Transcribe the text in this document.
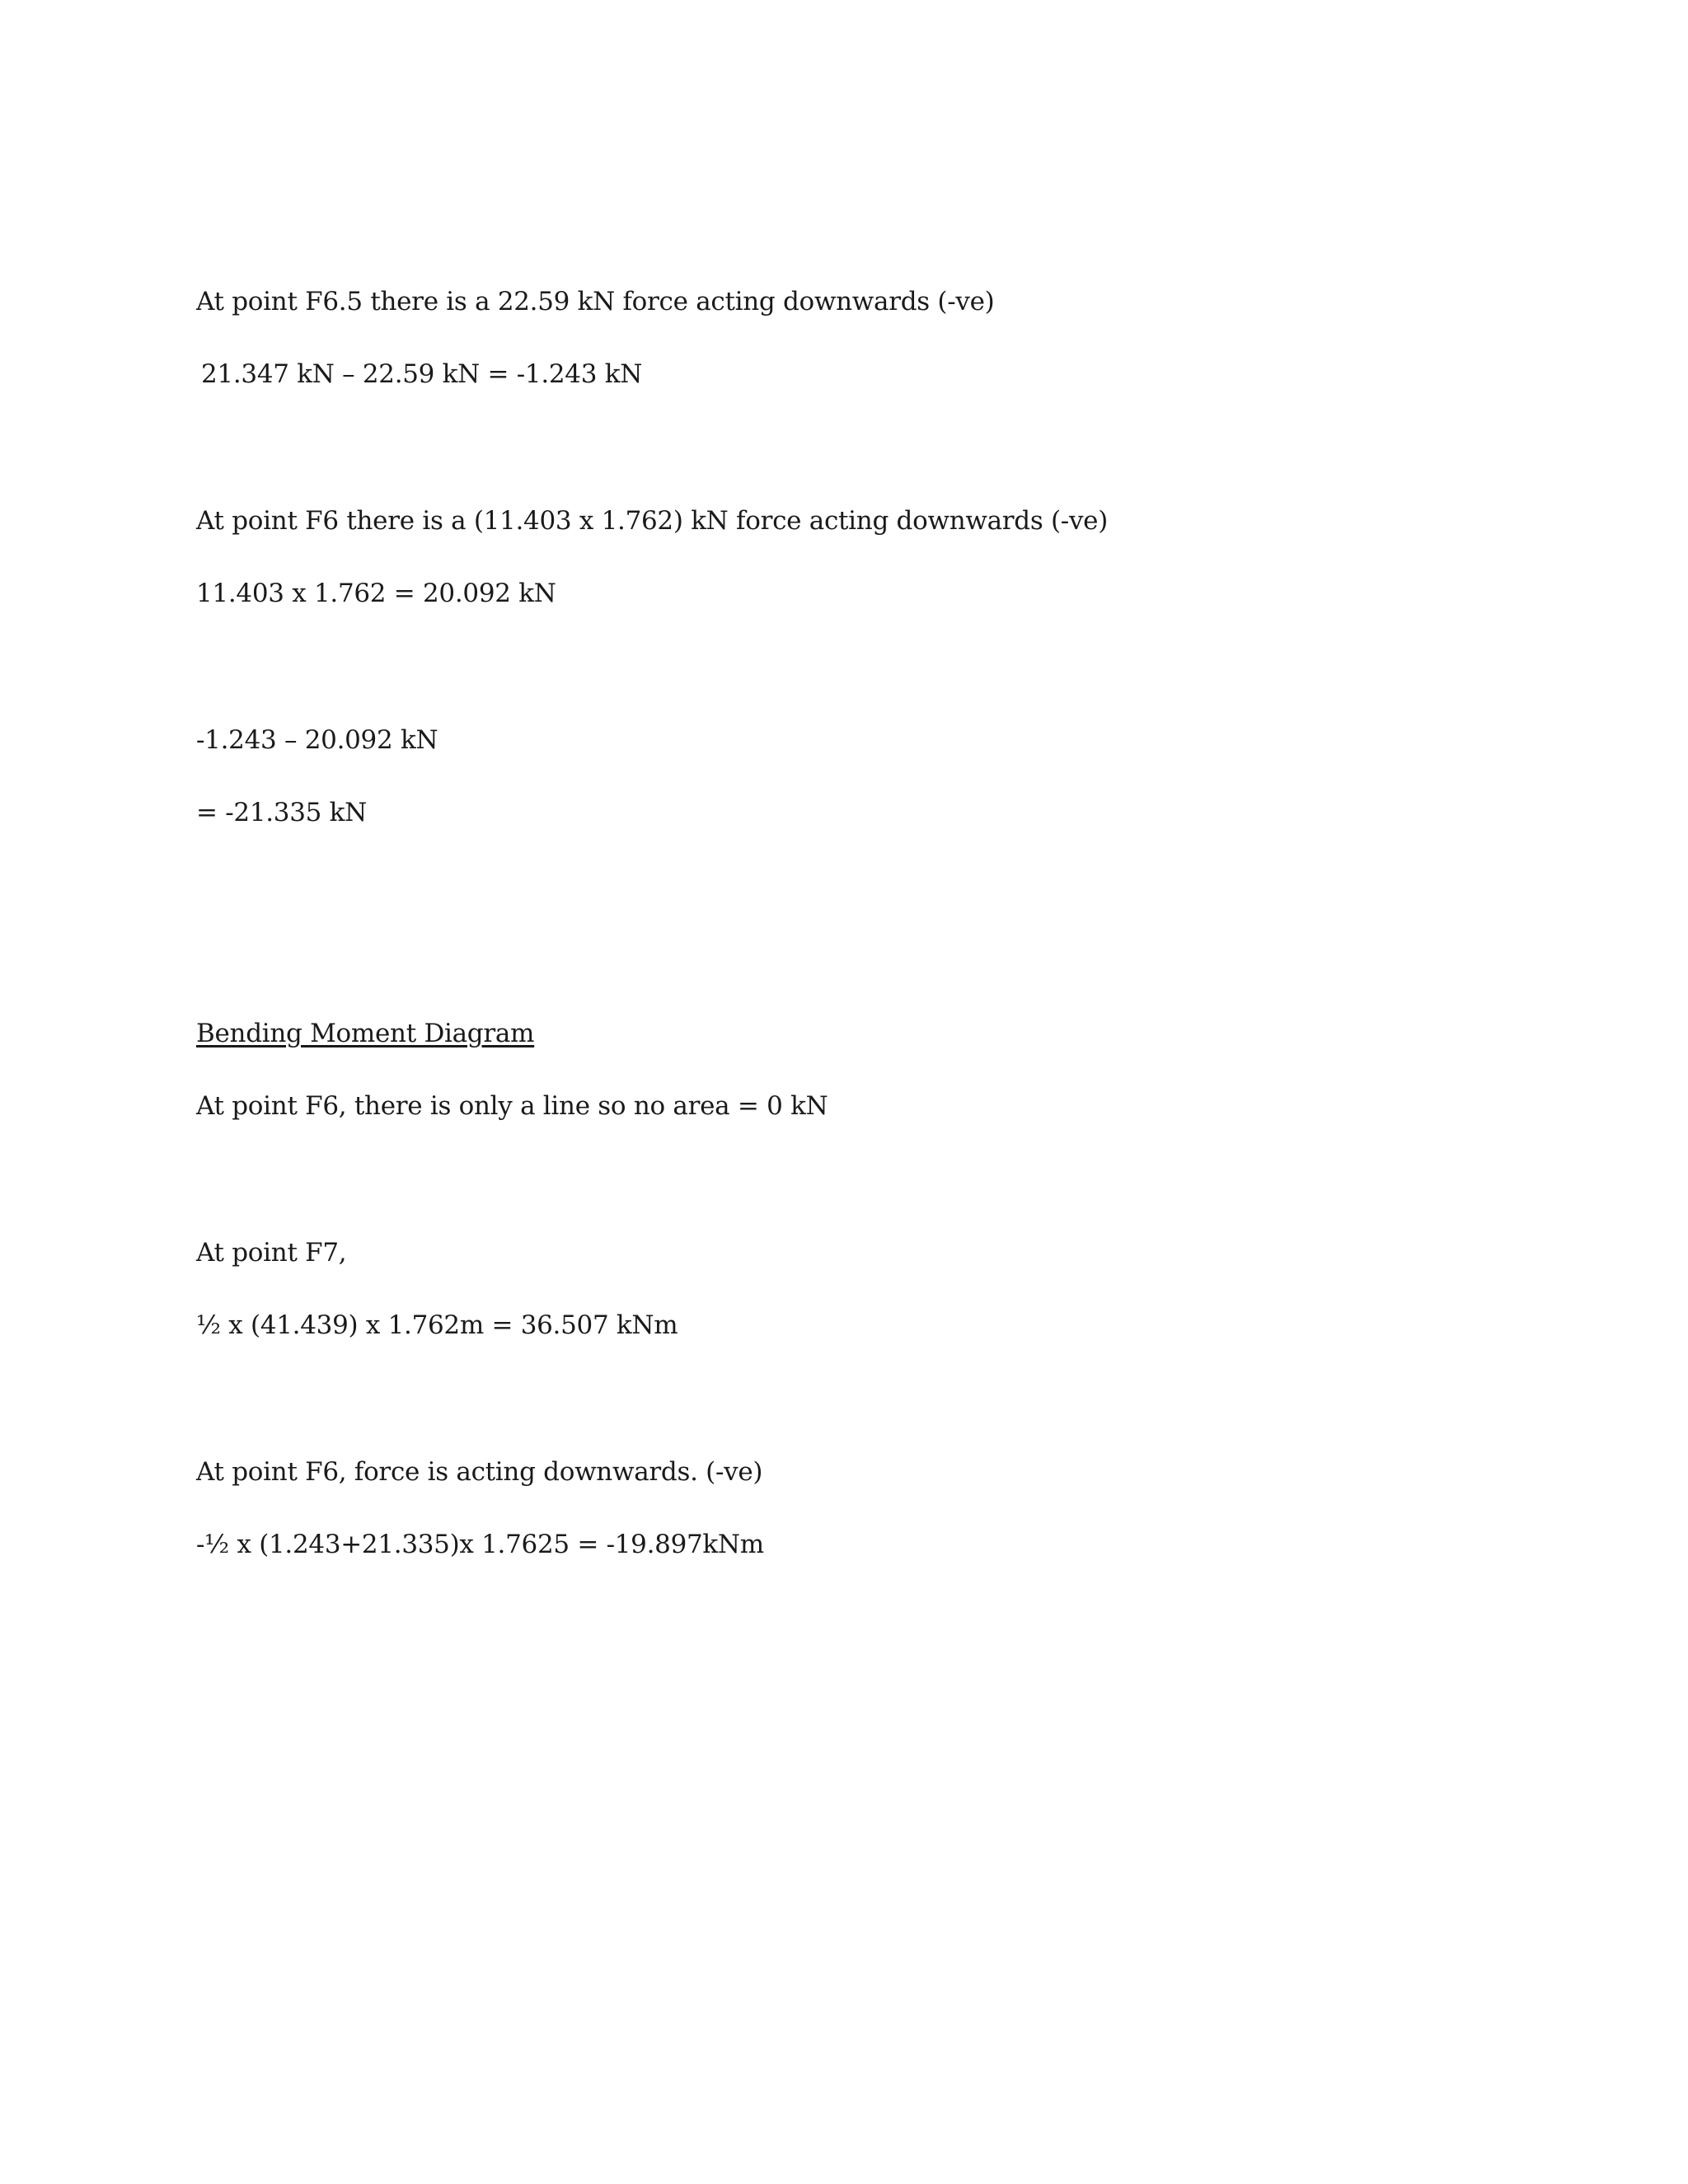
At point F6.5 there is a 22.59 kN force acting downwards (-ve)
21.347 kN – 22.59 kN = -1.243 kN
At point F6 there is a (11.403 x 1.762) kN force acting downwards (-ve)
11.403 x 1.762 = 20.092 kN
-1.243 – 20.092 kN
= -21.335 kN
Bending Moment Diagram
At point F6, there is only a line so no area = 0 kN
At point F7,
½ x (41.439) x 1.762m = 36.507 kNm
At point F6, force is acting downwards. (-ve)
-½ x (1.243+21.335)x 1.7625 = -19.897kNm
